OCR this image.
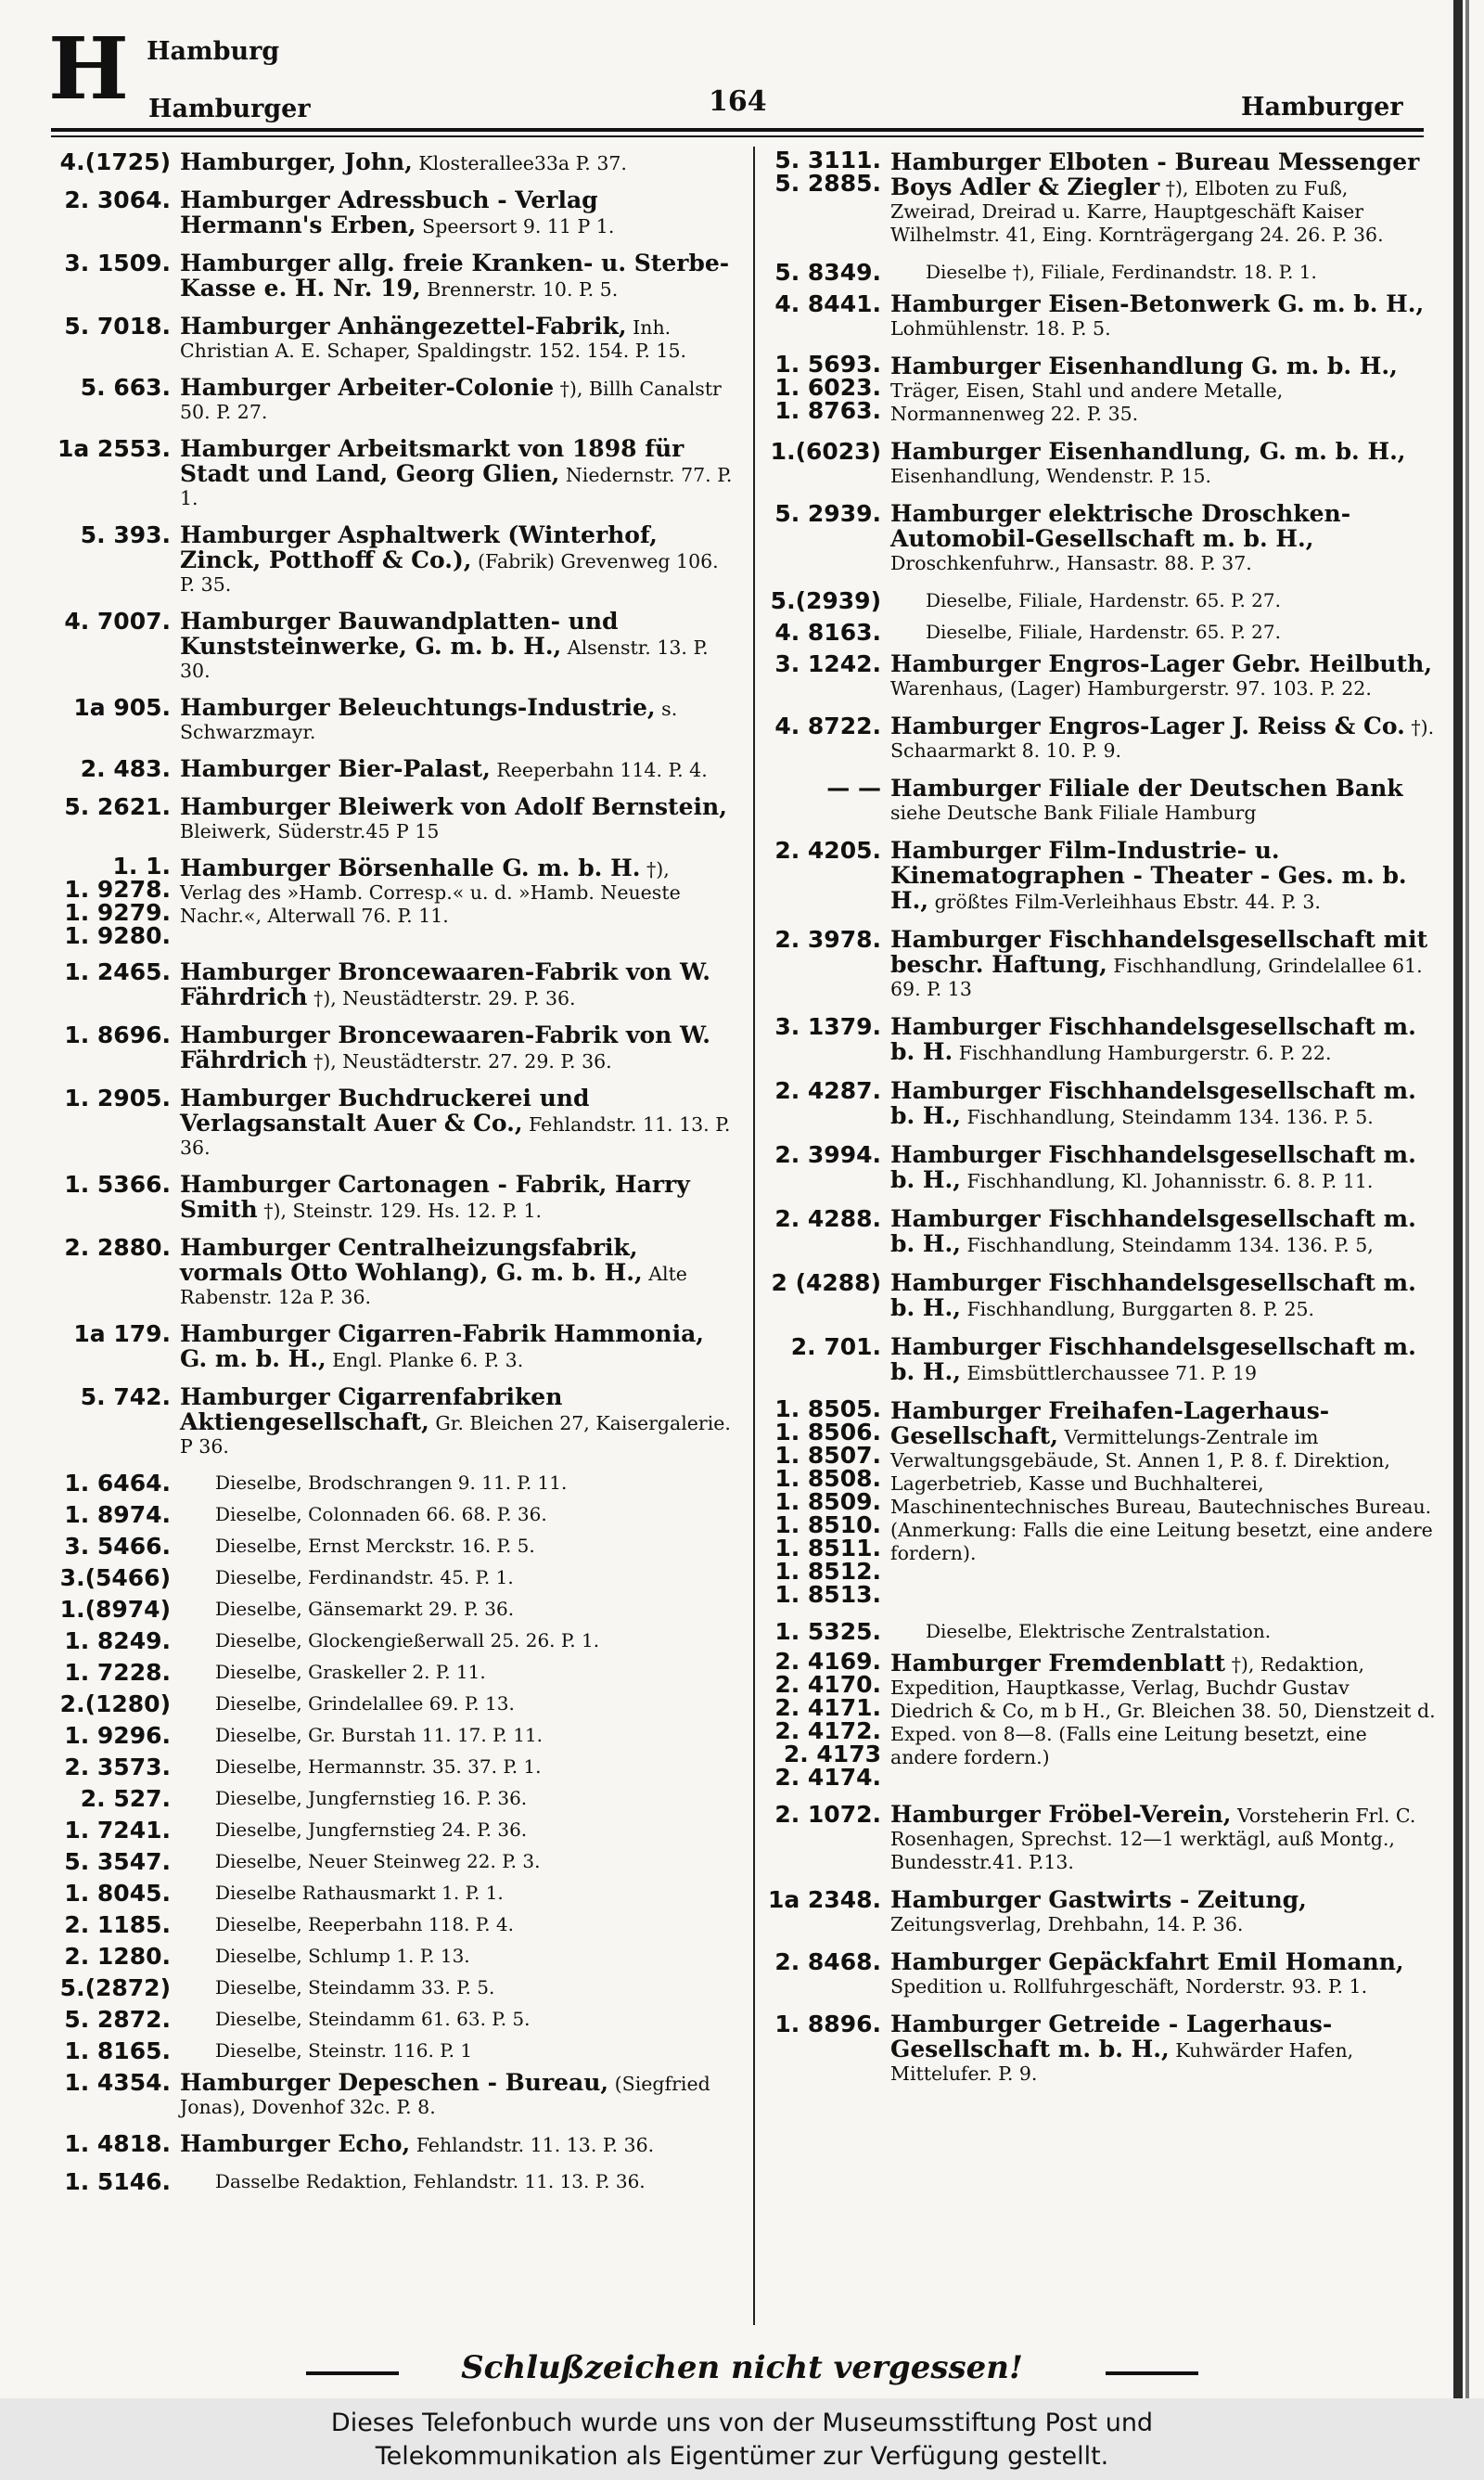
H Hamburg
Hamburger	164	Hamburger
4.(1725) Hamburger, John, Klosterallee33a P. 37.
2. 3064. Hamburger Adressbuch - Verlag Hermann's Erben, Speersort 9. 11 P 1.
3. 1509. Hamburger allg. freie Kranken- u. Sterbe-Kasse e. H. Nr. 19, Brennerstr. 10. P. 5.
5. 7018. Hamburger Anhängezettel-Fabrik, Inh. Christian A. E. Schaper, Spaldingstr. 152. 154. P. 15.
5. 663. Hamburger Arbeiter-Colonie †), Billh Canalstr 50. P. 27.
1a 2553. Hamburger Arbeitsmarkt von 1898 für Stadt und Land, Georg Glien, Niedernstr. 77. P. 1.
5. 393. Hamburger Asphaltwerk (Winterhof, Zinck, Potthoff & Co.), (Fabrik) Grevenweg 106. P. 35.
4. 7007. Hamburger Bauwandplatten- und Kunststeinwerke, G. m. b. H., Alsenstr. 13. P. 30.
1a 905. Hamburger Beleuchtungs-Industrie, s. Schwarzmayr.
2. 483. Hamburger Bier-Palast, Reeperbahn 114. P. 4.
5. 2621. Hamburger Bleiwerk von Adolf Bernstein, Bleiwerk, Süderstr.45 P 15
1. 1.
1. 9278.
1. 9279.
1. 9280.
Hamburger Börsenhalle G. m. b. H. †), Verlag des »Hamb. Corresp.« u. d. »Hamb. Neueste Nachr.«, Alterwall 76. P. 11.
1. 2465. Hamburger Broncewaaren-Fabrik von W. Fährdrich †), Neustädterstr. 29. P. 36.
1. 8696. Hamburger Broncewaaren-Fabrik von W. Fährdrich †), Neustädterstr. 27. 29. P. 36.
1. 2905. Hamburger Buchdruckerei und Verlagsanstalt Auer & Co., Fehlandstr. 11. 13. P. 36.
1. 5366. Hamburger Cartonagen - Fabrik, Harry Smith †), Steinstr. 129. Hs. 12. P. 1.
2. 2880. Hamburger Centralheizungsfabrik, vormals Otto Wohlang), G. m. b. H., Alte Rabenstr. 12a P. 36.
1a 179. Hamburger Cigarren-Fabrik Hammonia, G. m. b. H., Engl. Planke 6. P. 3.
5. 742. Hamburger Cigarrenfabriken Aktiengesellschaft, Gr. Bleichen 27, Kaisergalerie. P 36.
1. 6464. Dieselbe, Brodschrangen 9. 11. P. 11.
1. 8974. Dieselbe, Colonnaden 66. 68. P. 36.
3. 5466. Dieselbe, Ernst Merckstr. 16. P. 5.
3.(5466) Dieselbe, Ferdinandstr. 45. P. 1.
1.(8974) Dieselbe, Gänsemarkt 29. P. 36.
1. 8249. Dieselbe, Glockengießerwall 25. 26. P. 1.
1. 7228. Dieselbe, Graskeller 2. P. 11.
2.(1280) Dieselbe, Grindelallee 69. P. 13.
1. 9296. Dieselbe, Gr. Burstah 11. 17. P. 11.
2. 3573. Dieselbe, Hermannstr. 35. 37. P. 1.
2. 527. Dieselbe, Jungfernstieg 16. P. 36.
1. 7241. Dieselbe, Jungfernstieg 24. P. 36.
5. 3547. Dieselbe, Neuer Steinweg 22. P. 3.
1. 8045. Dieselbe Rathausmarkt 1. P. 1.
2. 1185. Dieselbe, Reeperbahn 118. P. 4.
2. 1280. Dieselbe, Schlump 1. P. 13.
5.(2872) Dieselbe, Steindamm 33. P. 5.
5. 2872. Dieselbe, Steindamm 61. 63. P. 5.
1. 8165. Dieselbe, Steinstr. 116. P. 1
1. 4354. Hamburger Depeschen - Bureau, (Siegfried Jonas), Dovenhof 32c. P. 8.
1. 4818. Hamburger Echo, Fehlandstr. 11. 13. P. 36.
1. 5146. Dasselbe Redaktion, Fehlandstr. 11. 13. P. 36.
5. 3111.
5. 2885.
Hamburger Elboten - Bureau Messenger Boys Adler & Ziegler †), Elboten zu Fuß, Zweirad, Dreirad u. Karre, Hauptgeschäft Kaiser Wilhelmstr. 41, Eing. Kornträgergang 24. 26. P. 36.
5. 8349. Dieselbe †), Filiale, Ferdinandstr. 18. P. 1.
4. 8441. Hamburger Eisen-Betonwerk G. m. b. H., Lohmühlenstr. 18. P. 5.
1. 5693.
1. 6023.
1. 8763.
Hamburger Eisenhandlung G. m. b. H., Träger, Eisen, Stahl und andere Metalle, Normannenweg 22. P. 35.
1.(6023) Hamburger Eisenhandlung, G. m. b. H., Eisenhandlung, Wendenstr. P. 15.
5. 2939. Hamburger elektrische Droschken-Automobil-Gesellschaft m. b. H., Droschkenfuhrw., Hansastr. 88. P. 37.
5.(2939) Dieselbe, Filiale, Hardenstr. 65. P. 27.
4. 8163. Dieselbe, Filiale, Hardenstr. 65. P. 27.
3. 1242. Hamburger Engros-Lager Gebr. Heilbuth, Warenhaus, (Lager) Hamburgerstr. 97. 103. P. 22.
4. 8722. Hamburger Engros-Lager J. Reiss & Co. †). Schaarmarkt 8. 10. P. 9.
— — Hamburger Filiale der Deutschen Bank siehe Deutsche Bank Filiale Hamburg
2. 4205. Hamburger Film-Industrie- u. Kinematographen - Theater - Ges. m. b. H., größtes Film-Verleihhaus Ebstr. 44. P. 3.
2. 3978. Hamburger Fischhandelsgesellschaft mit beschr. Haftung, Fischhandlung, Grindelallee 61. 69. P. 13
3. 1379. Hamburger Fischhandelsgesellschaft m. b. H. Fischhandlung Hamburgerstr. 6. P. 22.
2. 4287. Hamburger Fischhandelsgesellschaft m. b. H., Fischhandlung, Steindamm 134. 136. P. 5.
2. 3994. Hamburger Fischhandelsgesellschaft m. b. H., Fischhandlung, Kl. Johannisstr. 6. 8. P. 11.
2. 4288. Hamburger Fischhandelsgesellschaft m. b. H., Fischhandlung, Steindamm 134. 136. P. 5,
2 (4288) Hamburger Fischhandelsgesellschaft m. b. H., Fischhandlung, Burggarten 8. P. 25.
2. 701. Hamburger Fischhandelsgesellschaft m. b. H., Eimsbüttlerchaussee 71. P. 19
1. 8505.
1. 8506.
1. 8507.
1. 8508.
1. 8509.
1. 8510.
1. 8511.
1. 8512.
1. 8513.
Hamburger Freihafen-Lagerhaus-Gesellschaft, Vermittelungs-Zentrale im Verwaltungsgebäude, St. Annen 1, P. 8. f. Direktion, Lagerbetrieb, Kasse und Buchhalterei, Maschinentechnisches Bureau, Bautechnisches Bureau. (Anmerkung: Falls die eine Leitung besetzt, eine andere fordern).
1. 5325. Dieselbe, Elektrische Zentralstation.
2. 4169.
2. 4170.
2. 4171.
2. 4172.
2. 4173
2. 4174.
Hamburger Fremdenblatt †), Redaktion, Expedition, Hauptkasse, Verlag, Buchdr Gustav Diedrich & Co, m b H., Gr. Bleichen 38. 50, Dienstzeit d. Exped. von 8—8. (Falls eine Leitung besetzt, eine andere fordern.)
2. 1072. Hamburger Fröbel-Verein, Vorsteherin Frl. C. Rosenhagen, Sprechst. 12—1 werktägl, auß Montg., Bundesstr.41. P.13.
1a 2348. Hamburger Gastwirts - Zeitung, Zeitungsverlag, Drehbahn, 14. P. 36.
2. 8468. Hamburger Gepäckfahrt Emil Homann, Spedition u. Rollfuhrgeschäft, Norderstr. 93. P. 1.
1. 8896. Hamburger Getreide - Lagerhaus-Gesellschaft m. b. H., Kuhwärder Hafen, Mittelufer. P. 9.
Schlußzeichen nicht vergessen!
Dieses Telefonbuch wurde uns von der Museumsstiftung Post und
Telekommunikation als Eigentümer zur Verfügung gestellt.
